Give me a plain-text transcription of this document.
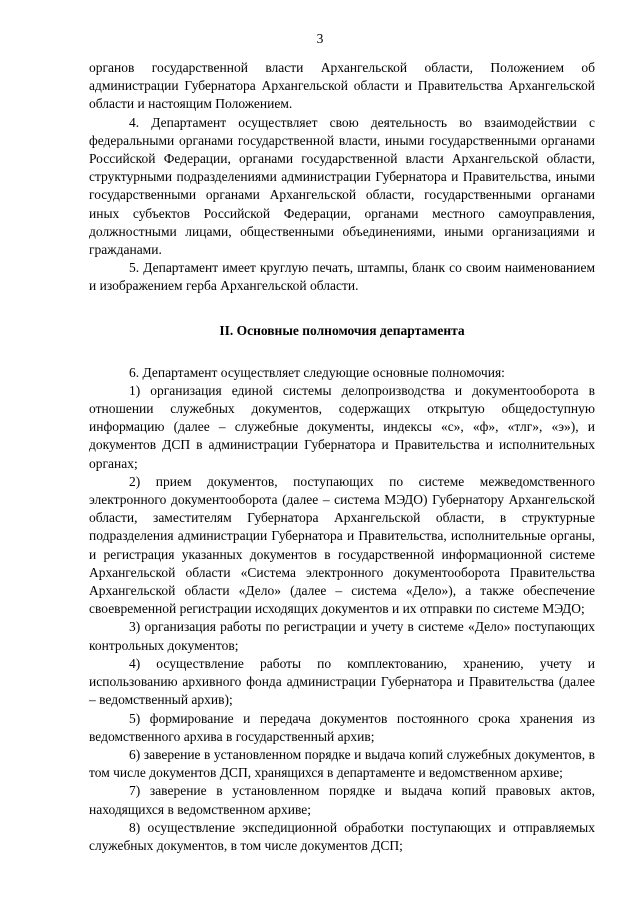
3

органов государственной власти Архангельской области, Положением об администрации Губернатора Архангельской области и Правительства Архангельской области и настоящим Положением.

4. Департамент осуществляет свою деятельность во взаимодействии с федеральными органами государственной власти, иными государственными органами Российской Федерации, органами государственной власти Архангельской области, структурными подразделениями администрации Губернатора и Правительства, иными государственными органами Архангельской области, государственными органами иных субъектов Российской Федерации, органами местного самоуправления, должностными лицами, общественными объединениями, иными организациями и гражданами.

5. Департамент имеет круглую печать, штампы, бланк со своим наименованием и изображением герба Архангельской области.

II. Основные полномочия департамента

6. Департамент осуществляет следующие основные полномочия:

1) организация единой системы делопроизводства и документооборота в отношении служебных документов, содержащих открытую общедоступную информацию (далее – служебные документы, индексы «с», «ф», «тлг», «э»), и документов ДСП в администрации Губернатора и Правительства и исполнительных органах;

2) прием документов, поступающих по системе межведомственного электронного документооборота (далее – система МЭДО) Губернатору Архангельской области, заместителям Губернатора Архангельской области, в структурные подразделения администрации Губернатора и Правительства, исполнительные органы, и регистрация указанных документов в государственной информационной системе Архангельской области «Система электронного документооборота Правительства Архангельской области «Дело» (далее – система «Дело»), а также обеспечение своевременной регистрации исходящих документов и их отправки по системе МЭДО;

3) организация работы по регистрации и учету в системе «Дело» поступающих контрольных документов;

4) осуществление работы по комплектованию, хранению, учету и использованию архивного фонда администрации Губернатора и Правительства (далее – ведомственный архив);

5) формирование и передача документов постоянного срока хранения из ведомственного архива в государственный архив;

6) заверение в установленном порядке и выдача копий служебных документов, в том числе документов ДСП, хранящихся в департаменте и ведомственном архиве;

7) заверение в установленном порядке и выдача копий правовых актов, находящихся в ведомственном архиве;

8) осуществление экспедиционной обработки поступающих и отправляемых служебных документов, в том числе документов ДСП;
